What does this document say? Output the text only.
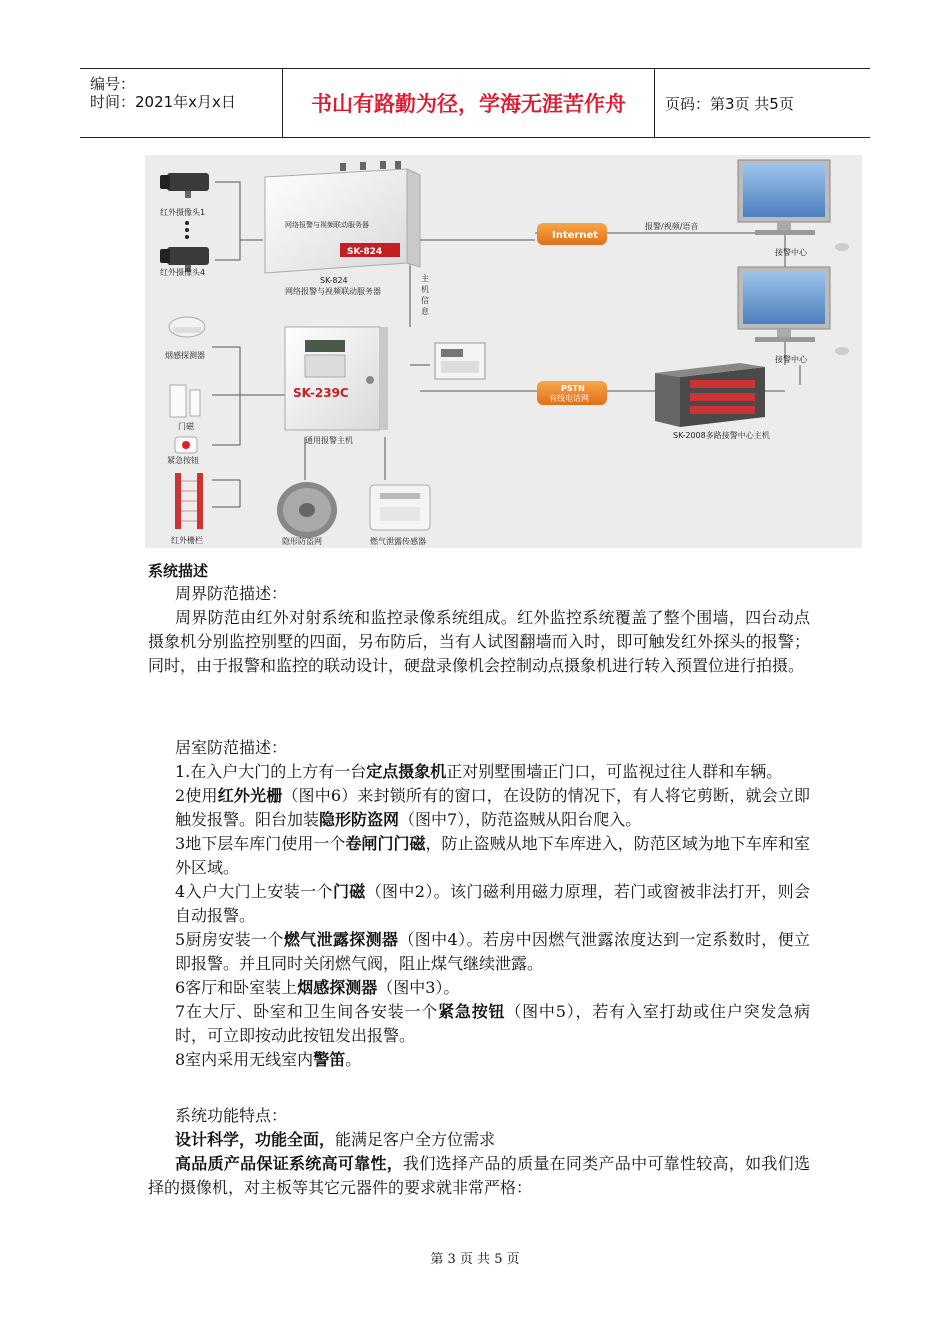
编号：
时间：2021年x月x日	书山有路勤为径，学海无涯苦作舟	页码：第3页 共5页
红外摄像头1
红外摄像头4
网络报警与视频联动服务器
SK-824
SK-824
网络报警与视频联动服务器
Internet
报警/视频/语音
接警中心
接警中心
主
机
信
息
SK-239C
通用报警主机
PSTN
有线电话网
SK-2008多路接警中心主机
烟感探测器
门磁
紧急按钮
红外栅栏	隐形防盗网	燃气泄露传感器
系统描述
周界防范描述：

周界防范由红外对射系统和监控录像系统组成。红外监控系统覆盖了整个围墙，四台动点摄象机分别监控别墅的四面，另布防后，当有人试图翻墙而入时，即可触发红外探头的报警；同时，由于报警和监控的联动设计，硬盘录像机会控制动点摄象机进行转入预置位进行拍摄。

居室防范描述：

1.在入户大门的上方有一台定点摄象机正对别墅围墙正门口，可监视过往人群和车辆。

2使用红外光栅（图中6）来封锁所有的窗口，在设防的情况下，有人将它剪断，就会立即触发报警。阳台加装隐形防盗网（图中7），防范盗贼从阳台爬入。

3地下层车库门使用一个卷闸门门磁，防止盗贼从地下车库进入，防范区域为地下车库和室外区域。

4入户大门上安装一个门磁（图中2）。该门磁利用磁力原理，若门或窗被非法打开，则会自动报警。

5厨房安装一个燃气泄露探测器（图中4）。若房中因燃气泄露浓度达到一定系数时，便立即报警。并且同时关闭燃气阀，阻止煤气继续泄露。

6客厅和卧室装上烟感探测器（图中3）。

7在大厅、卧室和卫生间各安装一个紧急按钮（图中5），若有入室打劫或住户突发急病时，可立即按动此按钮发出报警。

8室内采用无线室内警笛。

系统功能特点：

设计科学，功能全面，能满足客户全方位需求

高品质产品保证系统高可靠性，我们选择产品的质量在同类产品中可靠性较高，如我们选择的摄像机，对主板等其它元器件的要求就非常严格：

第 3 页 共 5 页
